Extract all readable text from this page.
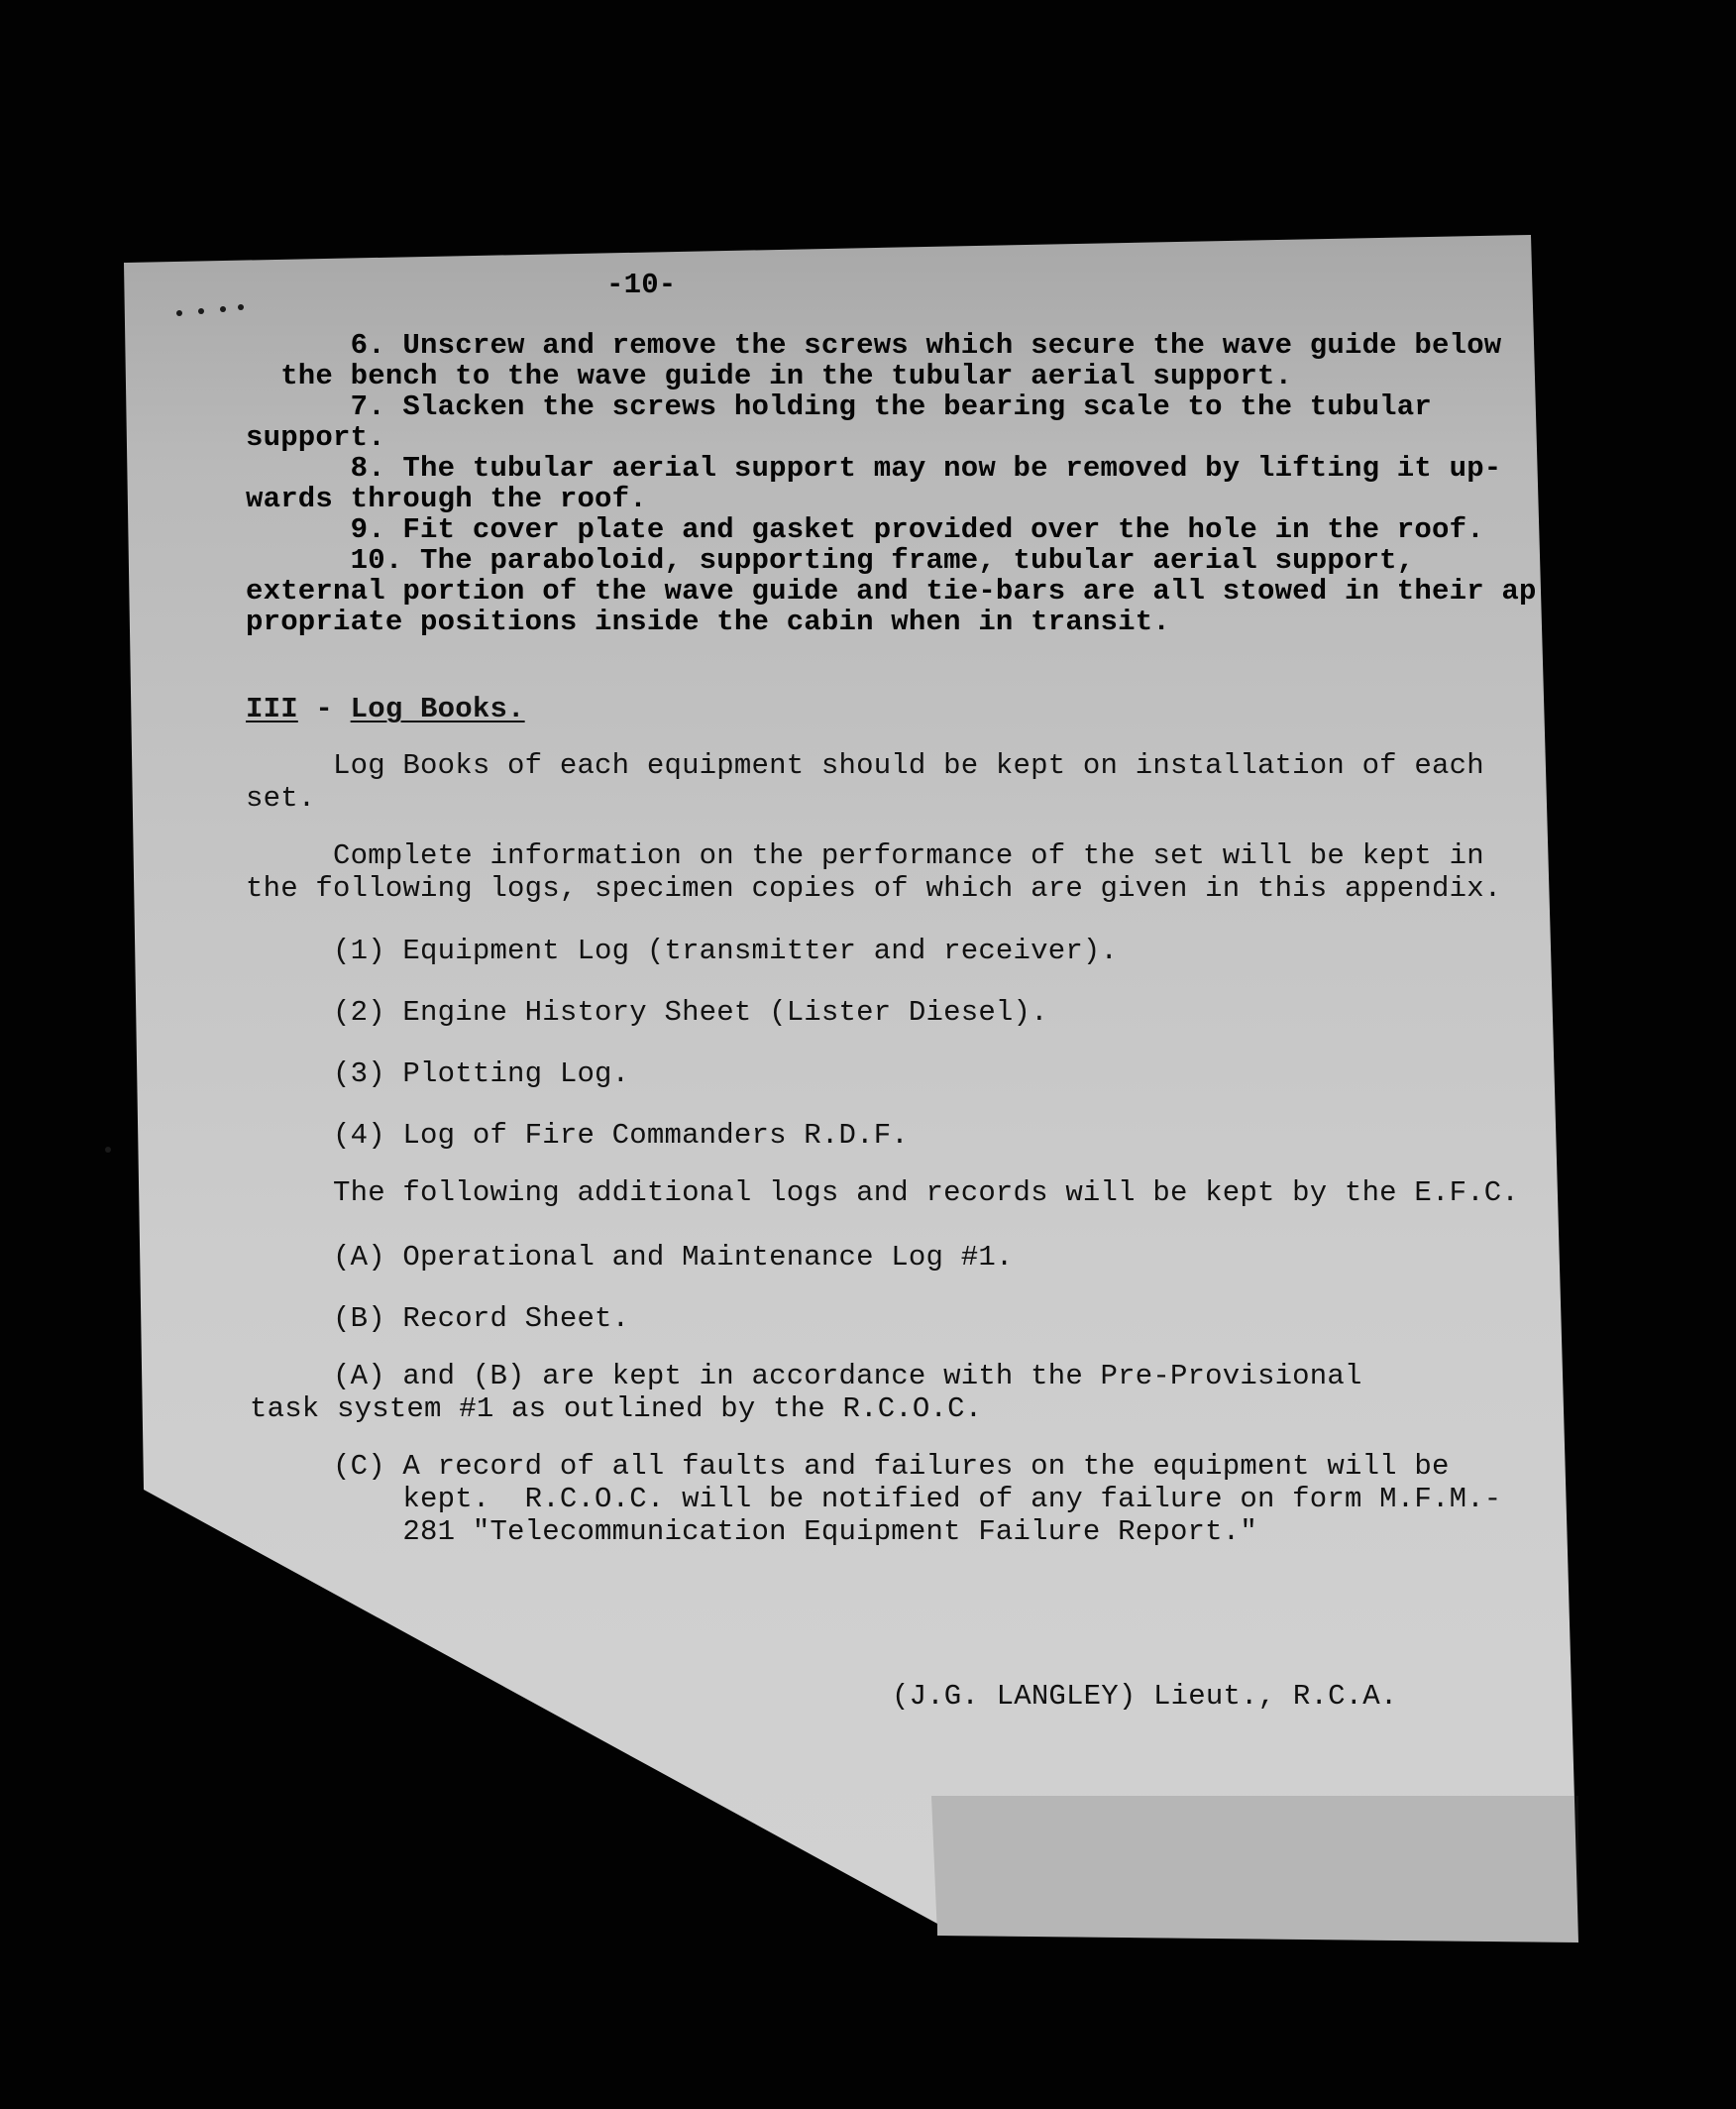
-10-

6. Unscrew and remove the screws which secure the wave guide below

the bench to the wave guide in the tubular aerial support.

7. Slacken the screws holding the bearing scale to the tubular

support.

8. The tubular aerial support may now be removed by lifting it up-

wards through the roof.

9. Fit cover plate and gasket provided over the hole in the roof.

10. The paraboloid, supporting frame, tubular aerial support,

external portion of the wave guide and tie-bars are all stowed in their ap

propriate positions inside the cabin when in transit.

III - Log Books.

Log Books of each equipment should be kept on installation of each

set.

Complete information on the performance of the set will be kept in

the following logs, specimen copies of which are given in this appendix.

(1) Equipment Log (transmitter and receiver).

(2) Engine History Sheet (Lister Diesel).

(3) Plotting Log.

(4) Log of Fire Commanders R.D.F.

The following additional logs and records will be kept by the E.F.C.

(A) Operational and Maintenance Log #1.

(B) Record Sheet.

(A) and (B) are kept in accordance with the Pre-Provisional

task system #1 as outlined by the R.C.O.C.

(C) A record of all faults and failures on the equipment will be

kept.  R.C.O.C. will be notified of any failure on form M.F.M.-

281 "Telecommunication Equipment Failure Report."

(J.G. LANGLEY) Lieut., R.C.A.
